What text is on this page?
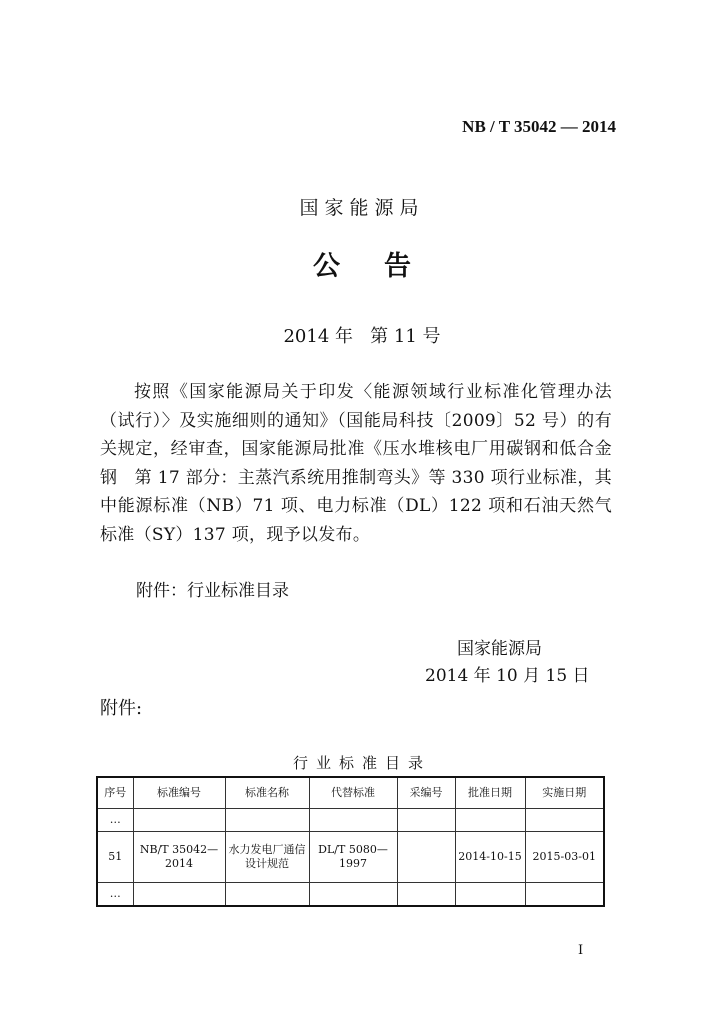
NB / T 35042 — 2014
国家能源局
公告
2014 年   第 11 号
按照《国家能源局关于印发〈能源领域行业标准化管理办法（试行）〉及实施细则的通知》（国能局科技〔2009〕52 号）的有关规定，经审查，国家能源局批准《压水堆核电厂用碳钢和低合金钢　第 17 部分：主蒸汽系统用推制弯头》等 330 项行业标准，其中能源标准（NB）71 项、电力标准（DL）122 项和石油天然气标准（SY）137 项，现予以发布。
附件：行业标准目录
国家能源局
2014 年 10 月 15 日
附件:
行业标准目录
序号	标准编号	标准名称	代替标准	采编号	批准日期	实施日期
…						
51	NB/T 35042—2014	水力发电厂通信设计规范	DL/T 5080—1997		2014-10-15	2015-03-01
…						
I
